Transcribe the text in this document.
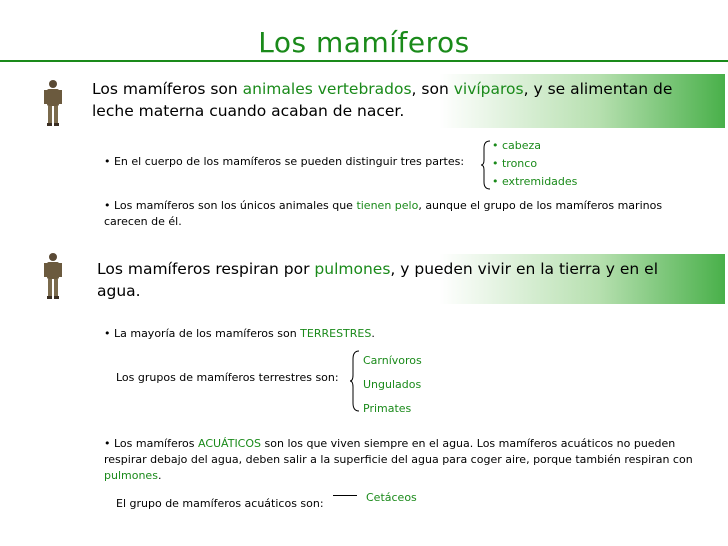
Los mamíferos
Los mamíferos son animales vertebrados, son vivíparos, y se alimentan de leche materna cuando acaban de nacer.
• En el cuerpo de los mamíferos se pueden distinguir tres partes:
• cabeza
• tronco
• extremidades
• Los mamíferos son los únicos animales que tienen pelo, aunque el grupo de los mamíferos marinos carecen de él.
Los mamíferos respiran por pulmones, y pueden vivir en la tierra y en el agua.
• La mayoría de los mamíferos son TERRESTRES.
Los grupos de mamíferos terrestres son:
Carnívoros
Ungulados
Primates
• Los mamíferos ACUÁTICOS son los que viven siempre en el agua. Los mamíferos acuáticos no pueden respirar debajo del agua, deben salir a la superficie del agua para coger aire, porque también respiran con pulmones.
El grupo de mamíferos acuáticos son:	Cetáceos
